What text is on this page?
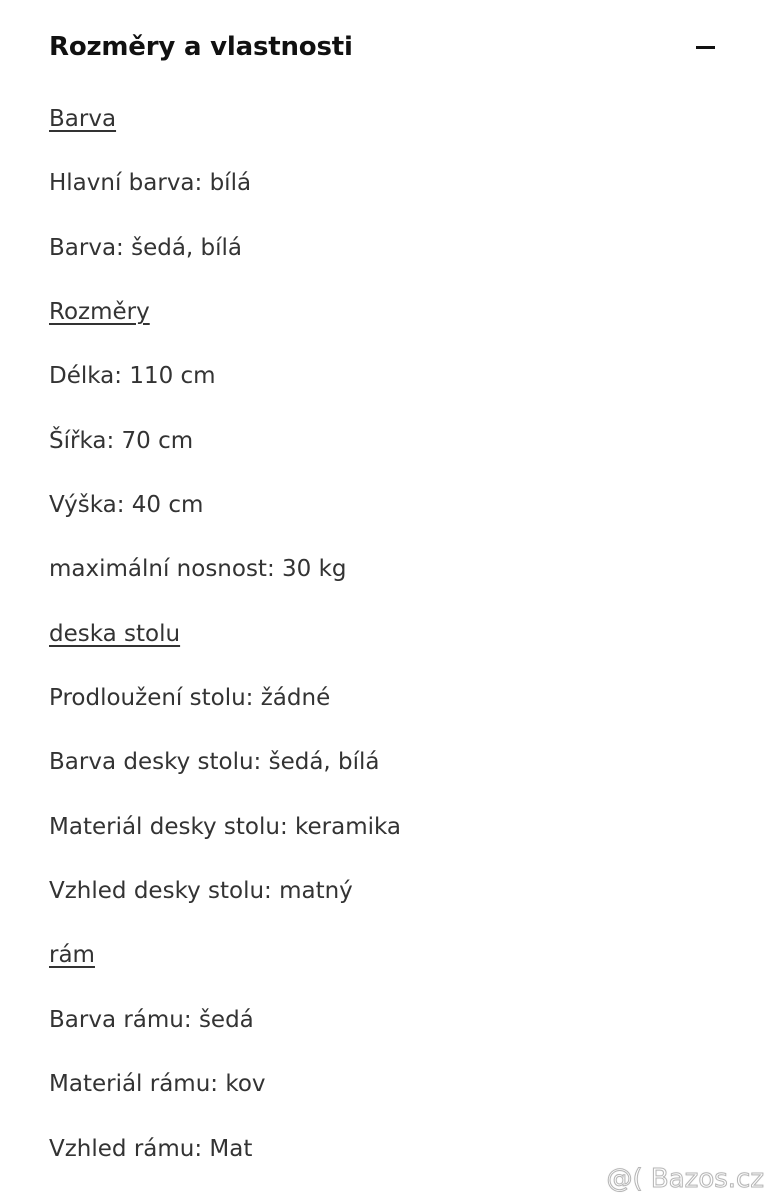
Rozměry a vlastnosti
Barva
Hlavní barva: bílá
Barva: šedá, bílá
Rozměry
Délka: 110 cm
Šířka: 70 cm
Výška: 40 cm
maximální nosnost: 30 kg
deska stolu
Prodloužení stolu: žádné
Barva desky stolu: šedá, bílá
Materiál desky stolu: keramika
Vzhled desky stolu: matný
rám
Barva rámu: šedá
Materiál rámu: kov
Vzhled rámu: Mat
@( Bazos.cz
